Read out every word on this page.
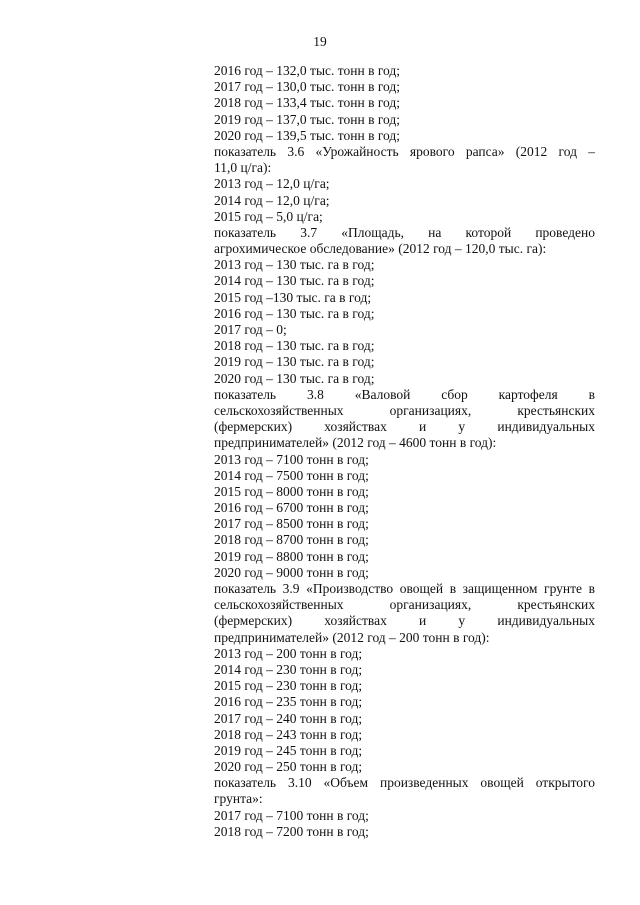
19
2016 год – 132,0 тыс. тонн в год;
2017 год – 130,0 тыс. тонн в год;
2018 год – 133,4 тыс. тонн в год;
2019 год – 137,0 тыс. тонн в год;
2020 год – 139,5 тыс. тонн в год;
показатель 3.6 «Урожайность ярового рапса» (2012 год –
11,0 ц/га):
2013 год – 12,0 ц/га;
2014 год – 12,0 ц/га;
2015 год – 5,0 ц/га;
показатель 3.7 «Площадь, на которой проведено
агрохимическое обследование» (2012 год – 120,0 тыс. га):
2013 год – 130 тыс. га в год;
2014 год – 130 тыс. га в год;
2015 год –130 тыс. га в год;
2016 год – 130 тыс. га в год;
2017 год – 0;
2018 год – 130 тыс. га в год;
2019 год – 130 тыс. га в год;
2020 год – 130 тыс. га в год;
показатель 3.8 «Валовой сбор картофеля в
сельскохозяйственных организациях, крестьянских
(фермерских) хозяйствах и у индивидуальных
предпринимателей» (2012 год – 4600 тонн в год):
2013 год – 7100 тонн в год;
2014 год – 7500 тонн в год;
2015 год – 8000 тонн в год;
2016 год – 6700 тонн в год;
2017 год – 8500 тонн в год;
2018 год – 8700 тонн в год;
2019 год – 8800 тонн в год;
2020 год – 9000 тонн в год;
показатель 3.9 «Производство овощей в защищенном грунте в
сельскохозяйственных организациях, крестьянских
(фермерских) хозяйствах и у индивидуальных
предпринимателей» (2012 год – 200 тонн в год):
2013 год – 200 тонн в год;
2014 год – 230 тонн в год;
2015 год – 230 тонн в год;
2016 год – 235 тонн в год;
2017 год – 240 тонн в год;
2018 год – 243 тонн в год;
2019 год – 245 тонн в год;
2020 год – 250 тонн в год;
показатель 3.10 «Объем произведенных овощей открытого
грунта»:
2017 год – 7100 тонн в год;
2018 год – 7200 тонн в год;
